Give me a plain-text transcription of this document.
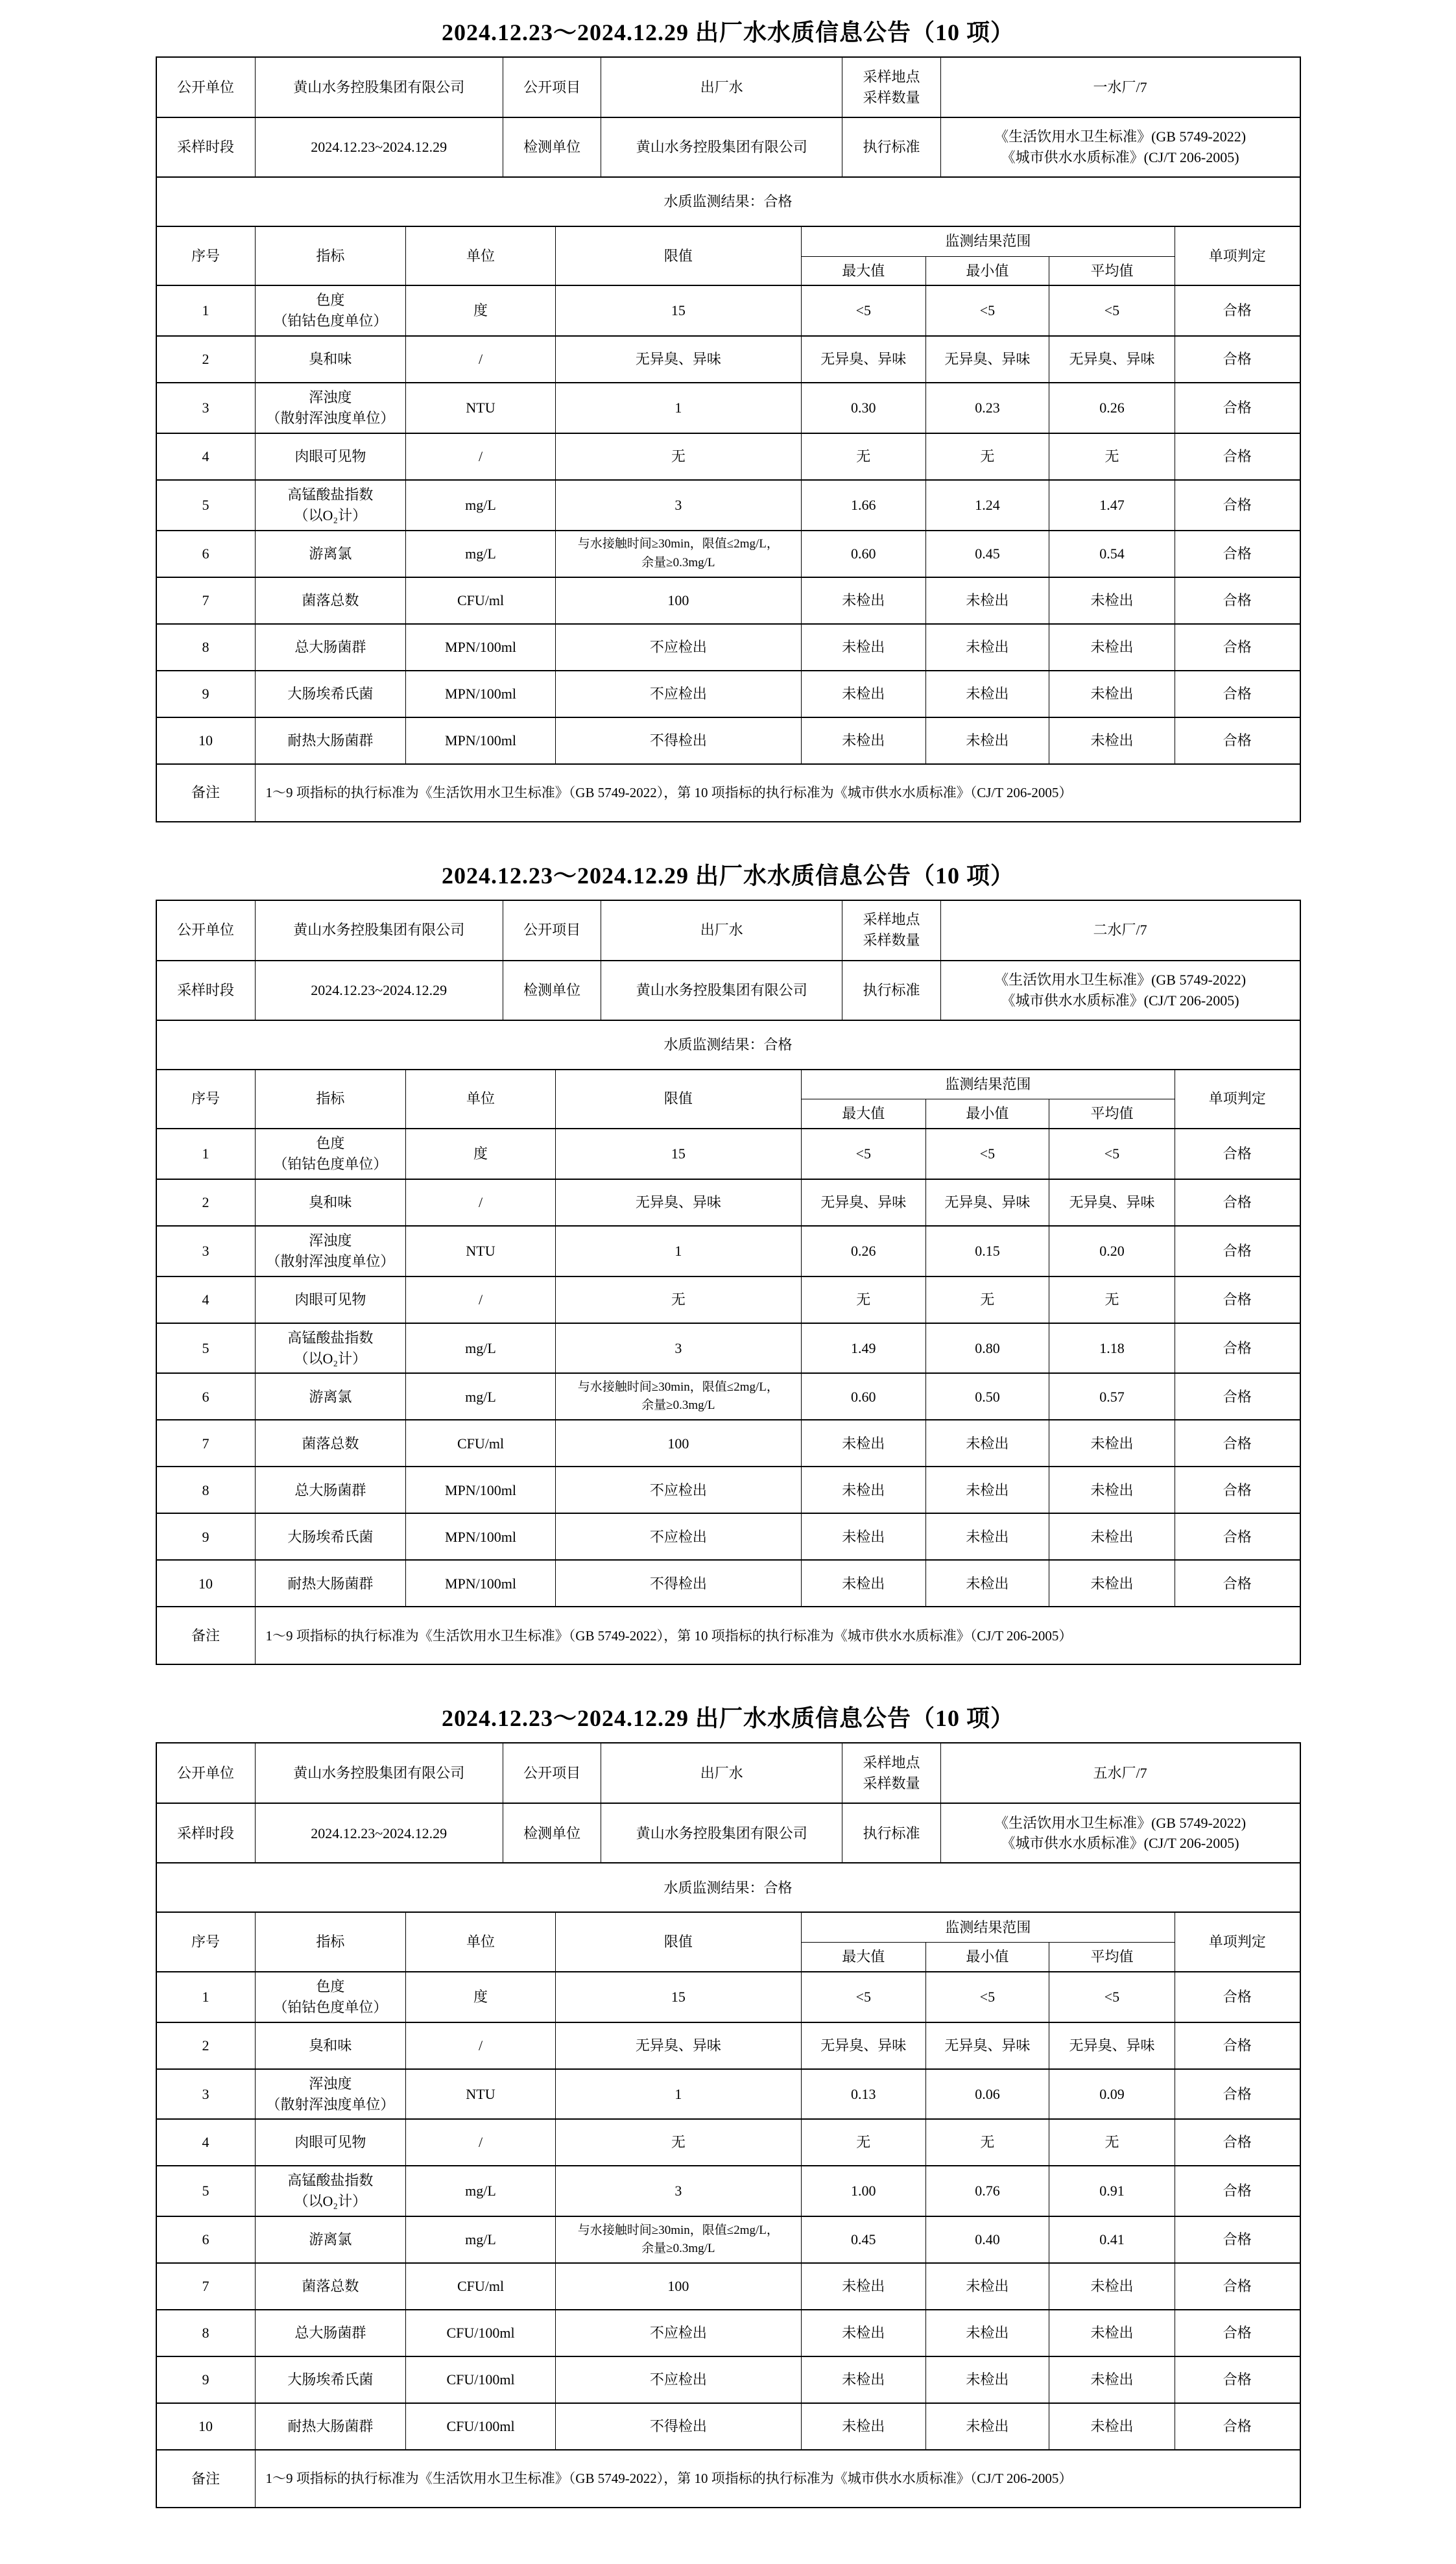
2024.12.23～2024.12.29 出厂水水质信息公告（10 项）
公开单位	黄山水务控股集团有限公司	公开项目	出厂水	采样地点
采样数量	一水厂/7
采样时段	2024.12.23~2024.12.29	检测单位	黄山水务控股集团有限公司	执行标准	《生活饮用水卫生标准》(GB 5749-2022)
《城市供水水质标准》(CJ/T 206-2005)
水质监测结果：合格					
序号	指标	单位	限值	监测结果范围			单项判定
				最大值	最小值	平均值	
1	色度
（铂钴色度单位）	度	15	<5	<5	<5	合格
2	臭和味	/	无异臭、异味	无异臭、异味	无异臭、异味	无异臭、异味	合格
3	浑浊度
（散射浑浊度单位）	NTU	1	0.30	0.23	0.26	合格
4	肉眼可见物	/	无	无	无	无	合格
5	高锰酸盐指数
（以O₂计）	mg/L	3	1.66	1.24	1.47	合格
6	游离氯	mg/L	与水接触时间≥30min，限值≤2mg/L，
余量≥0.3mg/L	0.60	0.45	0.54	合格
7	菌落总数	CFU/ml	100	未检出	未检出	未检出	合格
8	总大肠菌群	MPN/100ml	不应检出	未检出	未检出	未检出	合格
9	大肠埃希氏菌	MPN/100ml	不应检出	未检出	未检出	未检出	合格
10	耐热大肠菌群	MPN/100ml	不得检出	未检出	未检出	未检出	合格
备注	1～9 项指标的执行标准为《生活饮用水卫生标准》（GB 5749-2022），第 10 项指标的执行标准为《城市供水水质标准》（CJ/T 206-2005）						
2024.12.23～2024.12.29 出厂水水质信息公告（10 项）
公开单位	黄山水务控股集团有限公司	公开项目	出厂水	采样地点
采样数量	二水厂/7
采样时段	2024.12.23~2024.12.29	检测单位	黄山水务控股集团有限公司	执行标准	《生活饮用水卫生标准》(GB 5749-2022)
《城市供水水质标准》(CJ/T 206-2005)
水质监测结果：合格					
序号	指标	单位	限值	监测结果范围			单项判定
				最大值	最小值	平均值	
1	色度
（铂钴色度单位）	度	15	<5	<5	<5	合格
2	臭和味	/	无异臭、异味	无异臭、异味	无异臭、异味	无异臭、异味	合格
3	浑浊度
（散射浑浊度单位）	NTU	1	0.26	0.15	0.20	合格
4	肉眼可见物	/	无	无	无	无	合格
5	高锰酸盐指数
（以O₂计）	mg/L	3	1.49	0.80	1.18	合格
6	游离氯	mg/L	与水接触时间≥30min，限值≤2mg/L，
余量≥0.3mg/L	0.60	0.50	0.57	合格
7	菌落总数	CFU/ml	100	未检出	未检出	未检出	合格
8	总大肠菌群	MPN/100ml	不应检出	未检出	未检出	未检出	合格
9	大肠埃希氏菌	MPN/100ml	不应检出	未检出	未检出	未检出	合格
10	耐热大肠菌群	MPN/100ml	不得检出	未检出	未检出	未检出	合格
备注	1～9 项指标的执行标准为《生活饮用水卫生标准》（GB 5749-2022），第 10 项指标的执行标准为《城市供水水质标准》（CJ/T 206-2005）						
2024.12.23～2024.12.29 出厂水水质信息公告（10 项）
公开单位	黄山水务控股集团有限公司	公开项目	出厂水	采样地点
采样数量	五水厂/7
采样时段	2024.12.23~2024.12.29	检测单位	黄山水务控股集团有限公司	执行标准	《生活饮用水卫生标准》(GB 5749-2022)
《城市供水水质标准》(CJ/T 206-2005)
水质监测结果：合格					
序号	指标	单位	限值	监测结果范围			单项判定
				最大值	最小值	平均值	
1	色度
（铂钴色度单位）	度	15	<5	<5	<5	合格
2	臭和味	/	无异臭、异味	无异臭、异味	无异臭、异味	无异臭、异味	合格
3	浑浊度
（散射浑浊度单位）	NTU	1	0.13	0.06	0.09	合格
4	肉眼可见物	/	无	无	无	无	合格
5	高锰酸盐指数
（以O₂计）	mg/L	3	1.00	0.76	0.91	合格
6	游离氯	mg/L	与水接触时间≥30min，限值≤2mg/L，
余量≥0.3mg/L	0.45	0.40	0.41	合格
7	菌落总数	CFU/ml	100	未检出	未检出	未检出	合格
8	总大肠菌群	CFU/100ml	不应检出	未检出	未检出	未检出	合格
9	大肠埃希氏菌	CFU/100ml	不应检出	未检出	未检出	未检出	合格
10	耐热大肠菌群	CFU/100ml	不得检出	未检出	未检出	未检出	合格
备注	1～9 项指标的执行标准为《生活饮用水卫生标准》（GB 5749-2022），第 10 项指标的执行标准为《城市供水水质标准》（CJ/T 206-2005）						
